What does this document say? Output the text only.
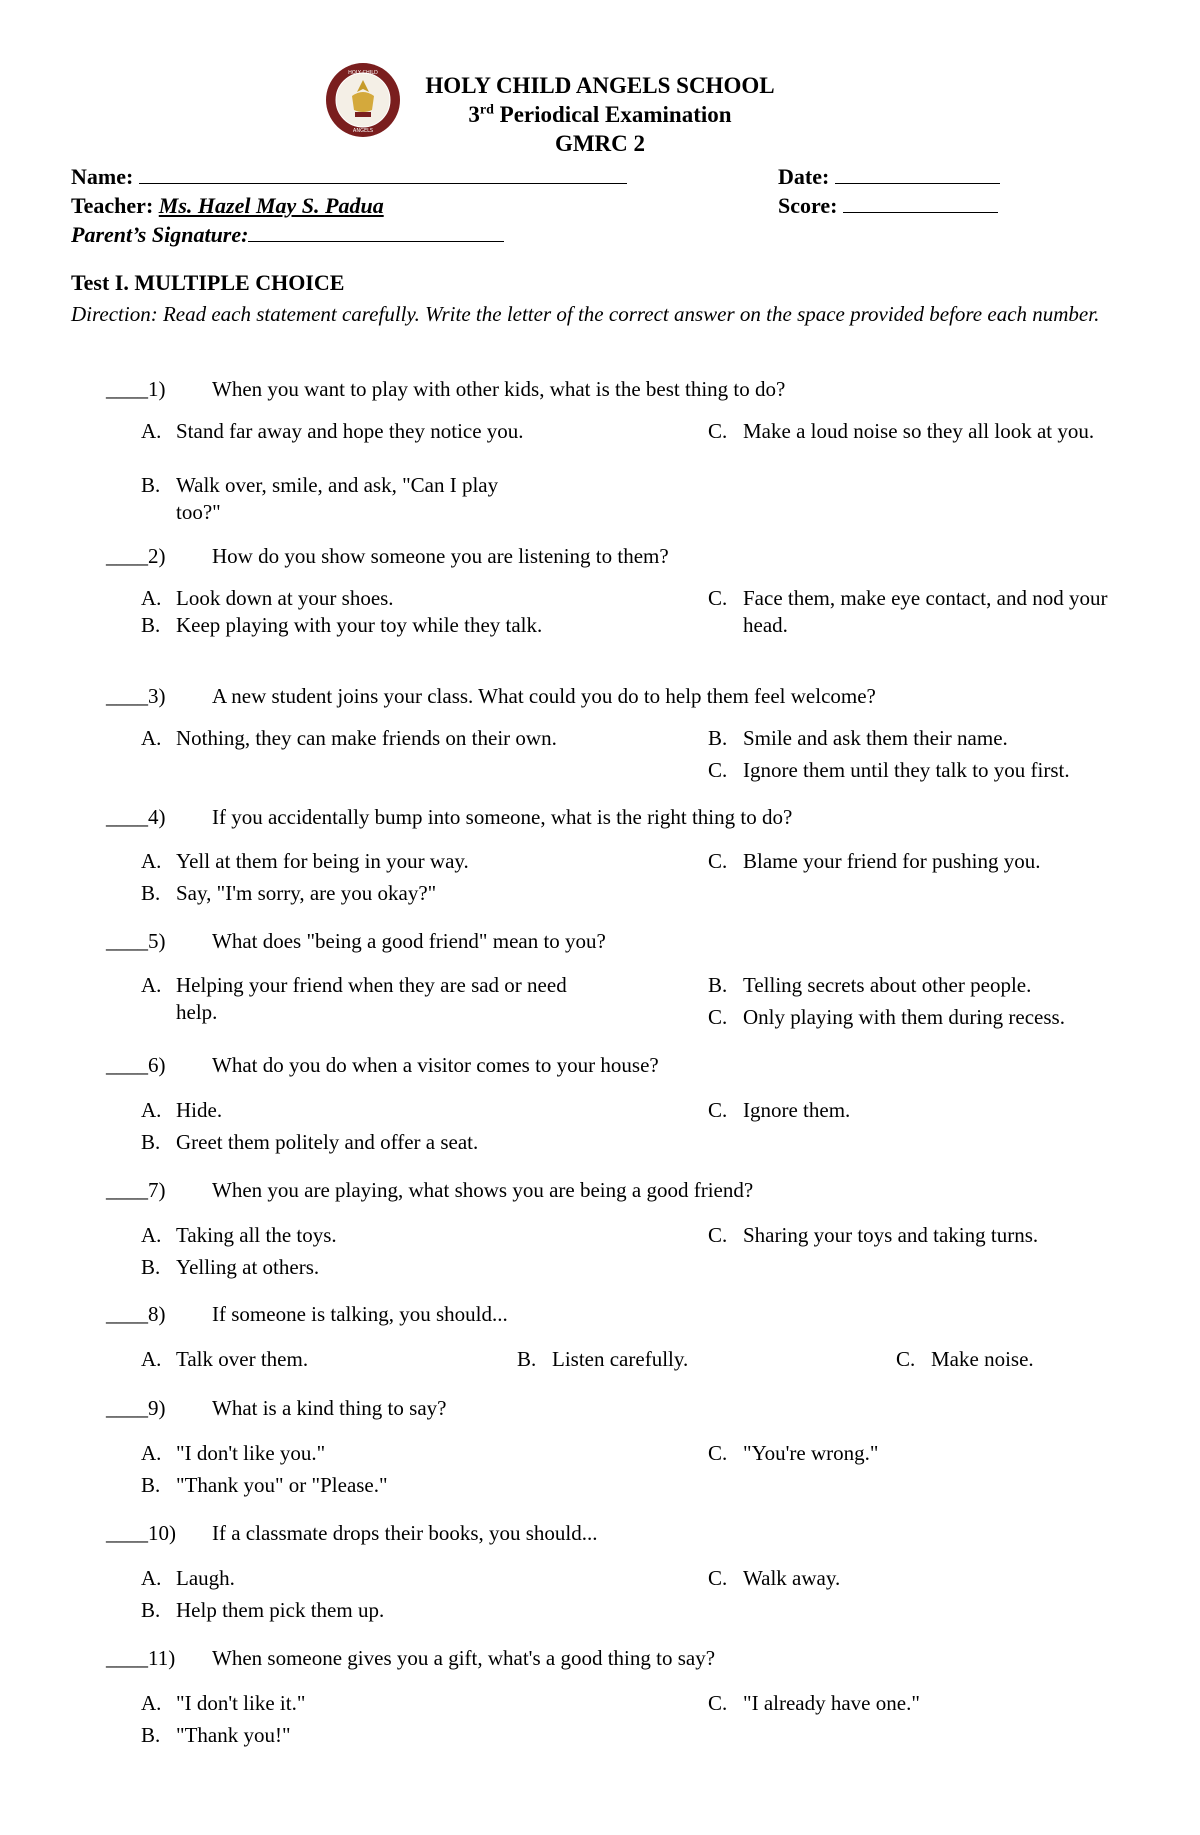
HOLY CHILD
ANGELS
HOLY CHILD ANGELS SCHOOL
3rd Periodical Examination
GMRC 2
Name:	Date:
Teacher: Ms. Hazel May S. Padua	Score:
Parent’s Signature:
Test I. MULTIPLE CHOICE
Direction: Read each statement carefully. Write the letter of the correct answer on the space provided before each number.
____1) When you want to play with other kids, what is the best thing to do?
A. Stand far away and hope they notice you.
B. Walk over, smile, and ask, "Can I play too?"
C. Make a loud noise so they all look at you.
____2) How do you show someone you are listening to them?
A. Look down at your shoes.
B. Keep playing with your toy while they talk.
C. Face them, make eye contact, and nod your head.
____3) A new student joins your class. What could you do to help them feel welcome?
A. Nothing, they can make friends on their own.	B. Smile and ask them their name.
C. Ignore them until they talk to you first.
____4) If you accidentally bump into someone, what is the right thing to do?
A. Yell at them for being in your way.
B. Say, "I'm sorry, are you okay?"
C. Blame your friend for pushing you.
____5) What does "being a good friend" mean to you?
A. Helping your friend when they are sad or need help.
B. Telling secrets about other people.
C. Only playing with them during recess.
____6) What do you do when a visitor comes to your house?
A. Hide.
B. Greet them politely and offer a seat.
C. Ignore them.
____7) When you are playing, what shows you are being a good friend?
A. Taking all the toys.
B. Yelling at others.
C. Sharing your toys and taking turns.
____8) If someone is talking, you should...
A. Talk over them.	B. Listen carefully.	C. Make noise.
____9) What is a kind thing to say?
A. "I don't like you."
B. "Thank you" or "Please."
C. "You're wrong."
____10) If a classmate drops their books, you should...
A. Laugh.
B. Help them pick them up.
C. Walk away.
____11) When someone gives you a gift, what's a good thing to say?
A. "I don't like it."
B. "Thank you!"
C. "I already have one."
